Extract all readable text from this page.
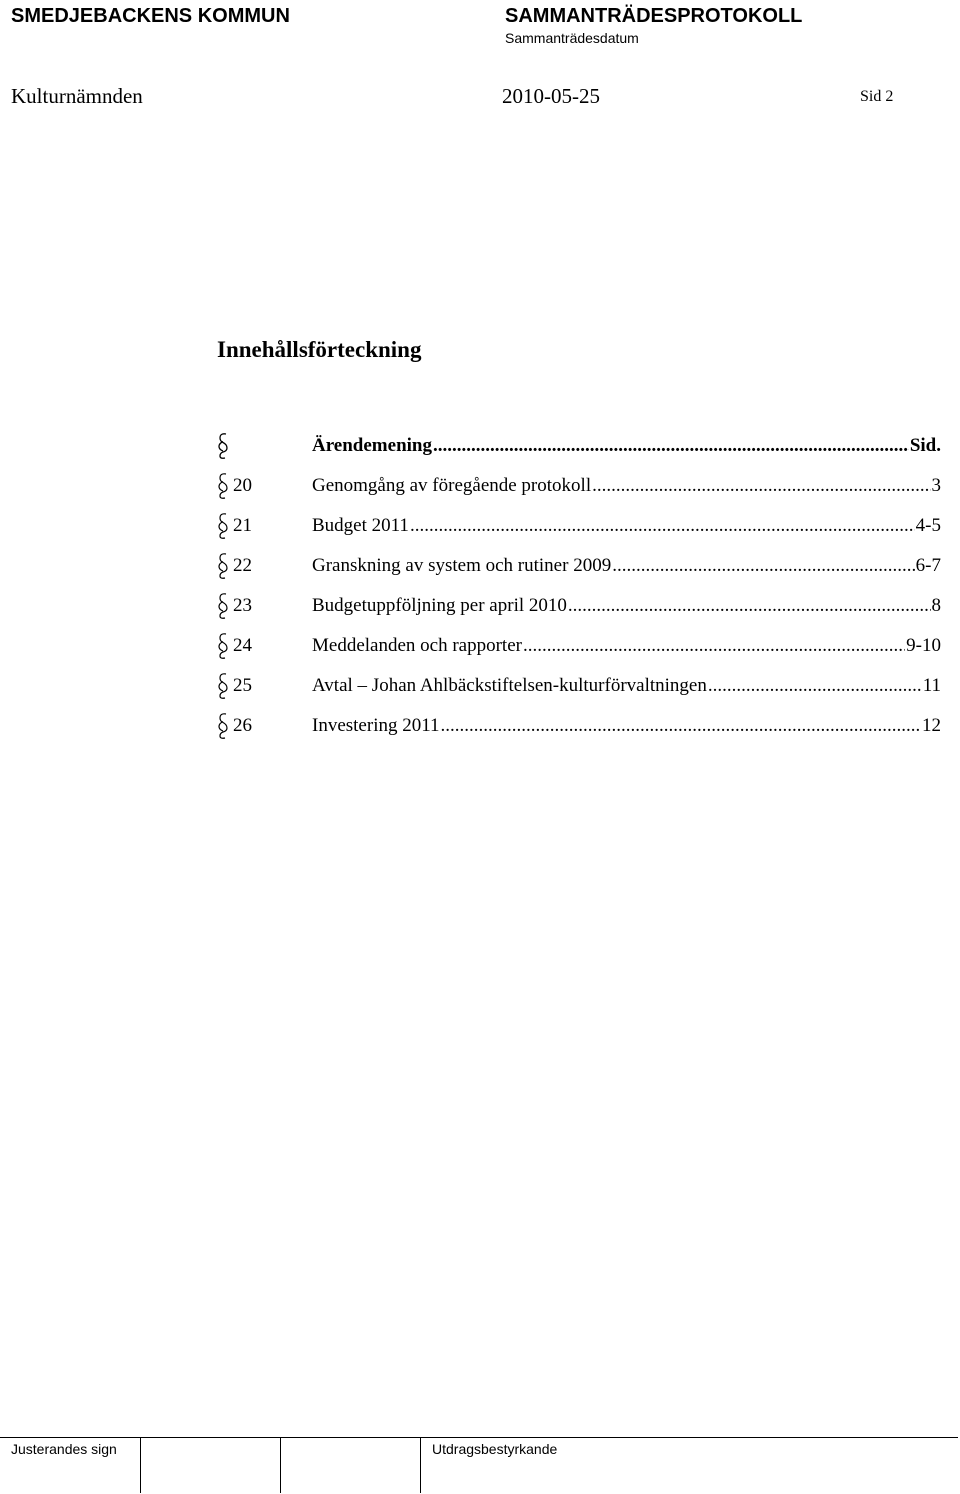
SMEDJEBACKENS KOMMUN	SAMMANTRÄDESPROTOKOLL
Sammanträdesdatum
Kulturnämnden	2010-05-25	Sid 2
Innehållsförteckning
Ärendemening .....	Sid.
20	Genomgång av föregående protokoll .....	3
21	Budget 2011 .....	4-5
22	Granskning av system och rutiner 2009 .....	6-7
23	Budgetuppföljning per april 2010 .....	8
24	Meddelanden och rapporter .....	9-10
25	Avtal – Johan Ahlbäckstiftelsen-kulturförvaltningen .....	11
26	Investering 2011 .....	12
Justerandes sign	Utdragsbestyrkande
